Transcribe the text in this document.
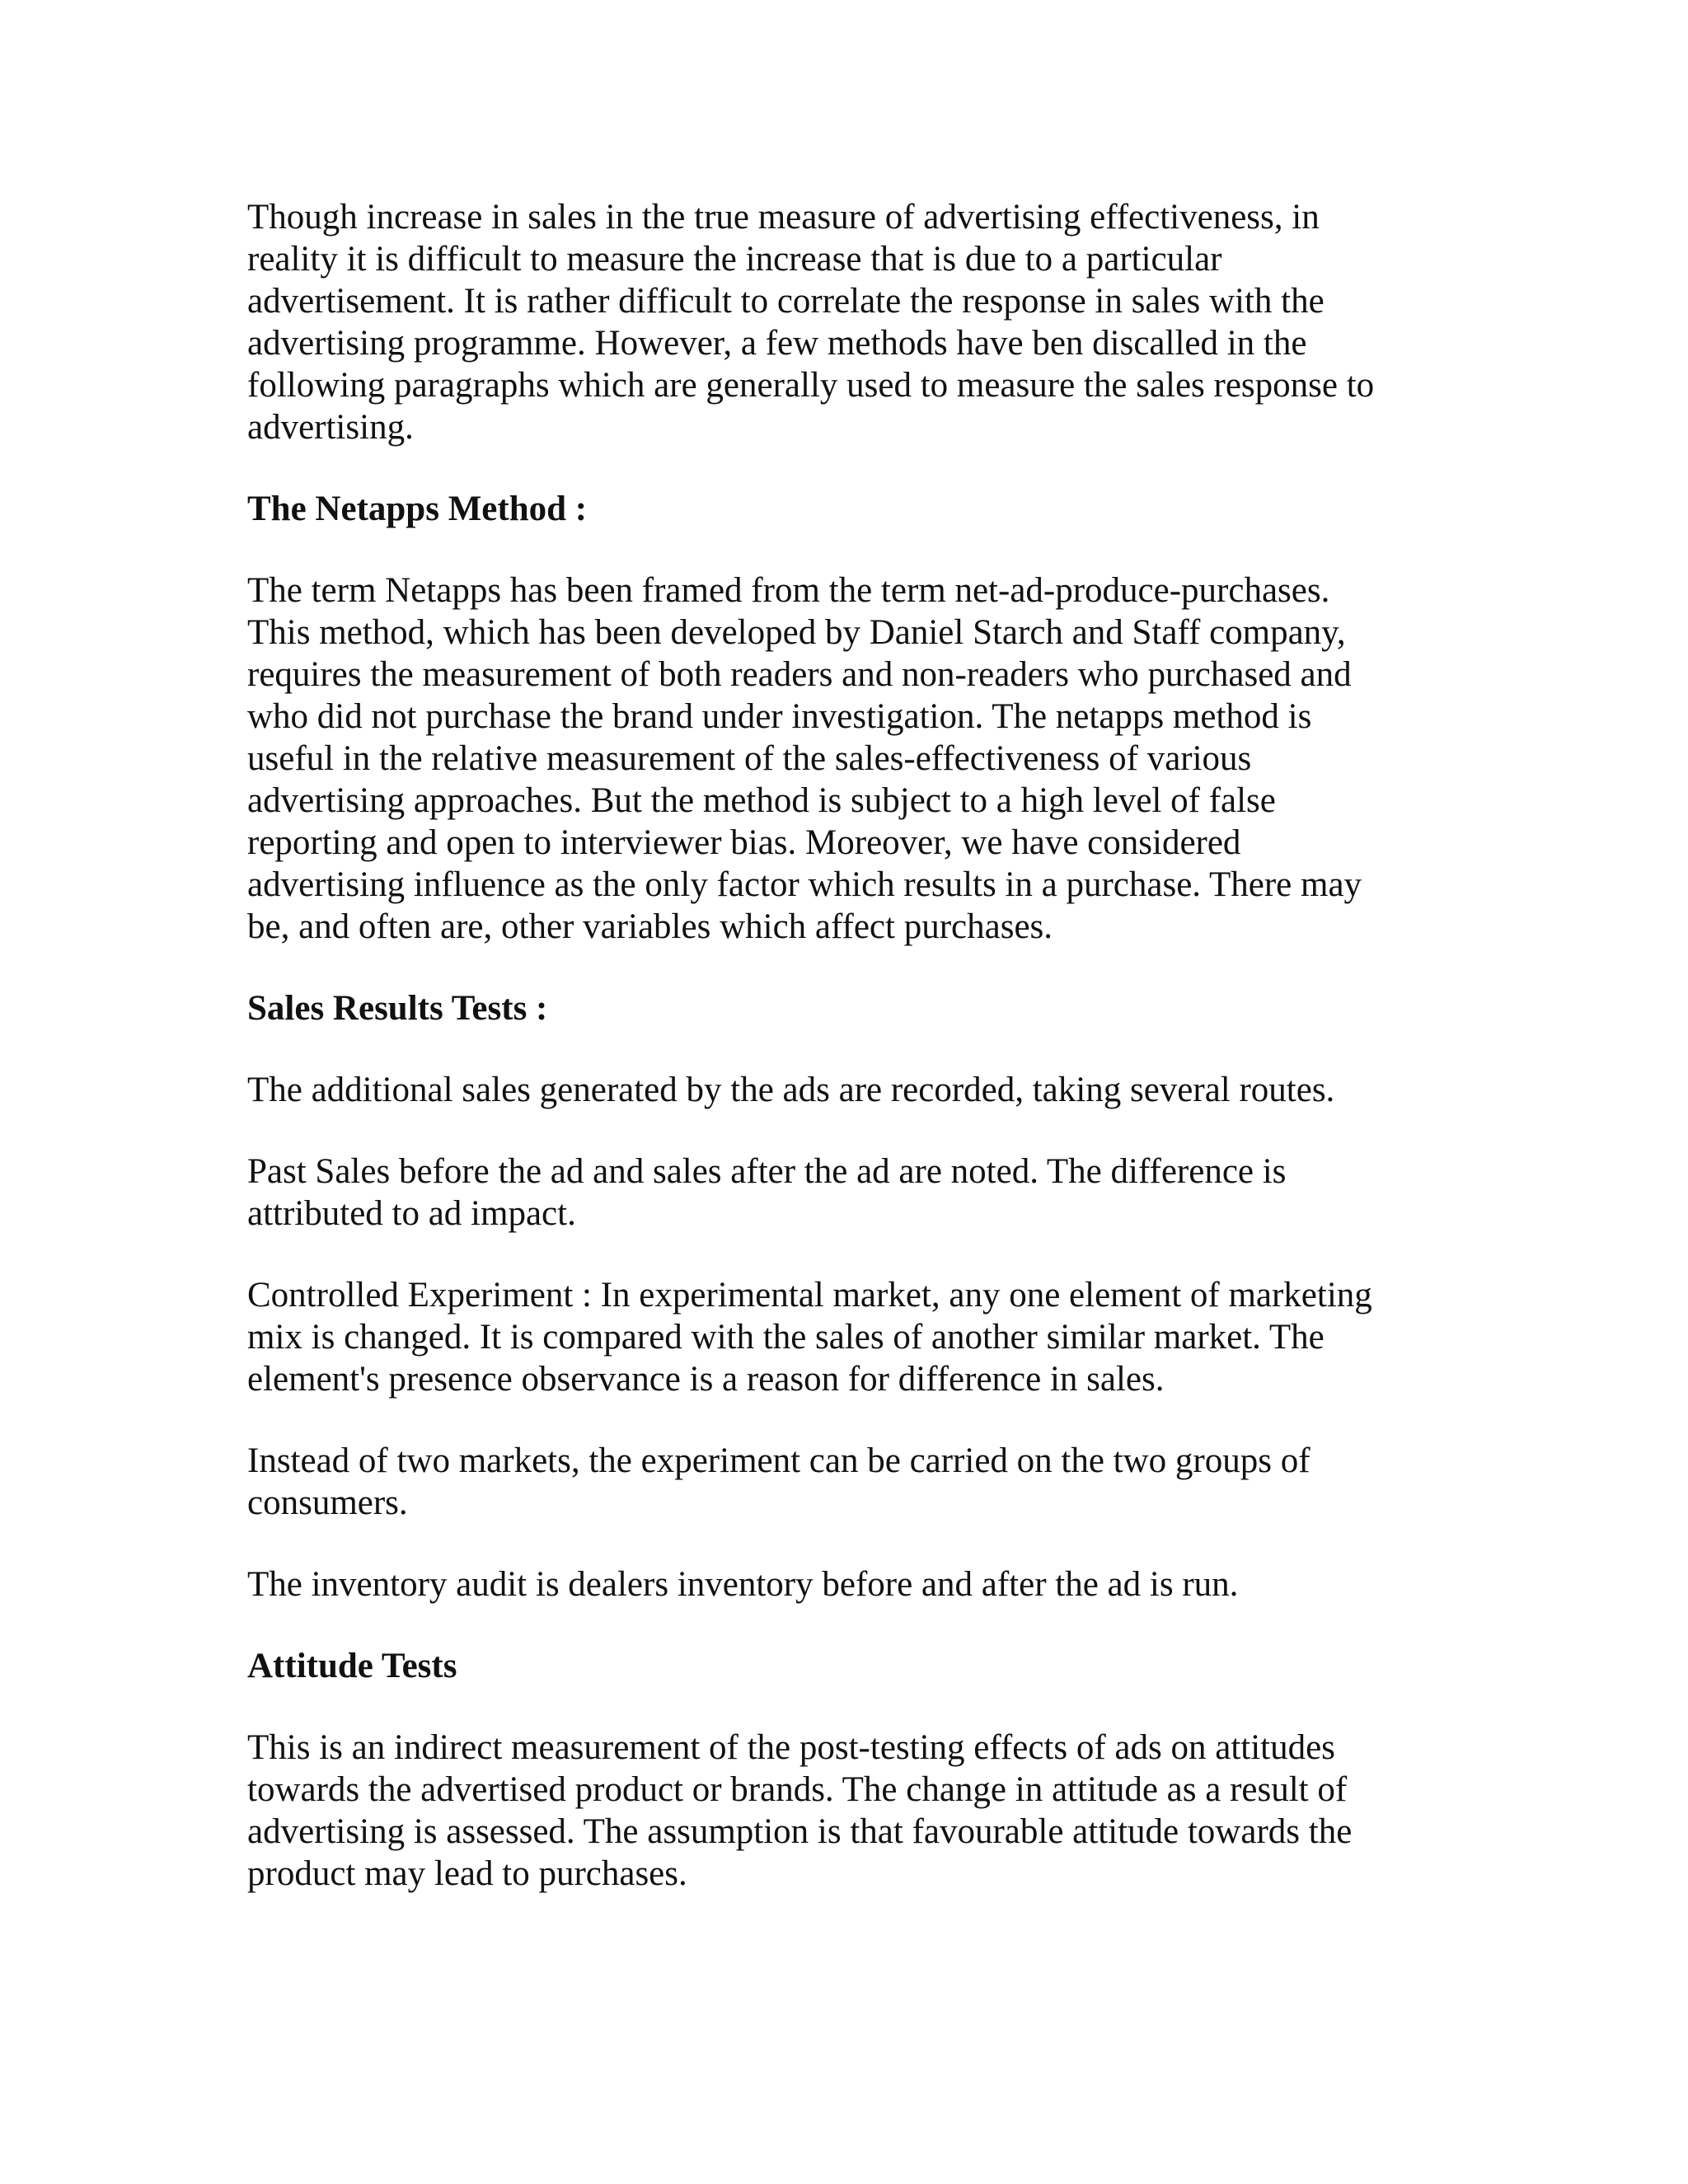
Though increase in sales in the true measure of advertising effectiveness, in
reality it is difficult to measure the increase that is due to a particular
advertisement. It is rather difficult to correlate the response in sales with the
advertising programme. However, a few methods have ben discalled in the
following paragraphs which are generally used to measure the sales response to
advertising.

The Netapps Method :

The term Netapps has been framed from the term net-ad-produce-purchases.
This method, which has been developed by Daniel Starch and Staff company,
requires the measurement of both readers and non-readers who purchased and
who did not purchase the brand under investigation. The netapps method is
useful in the relative measurement of the sales-effectiveness of various
advertising approaches. But the method is subject to a high level of false
reporting and open to interviewer bias. Moreover, we have considered
advertising influence as the only factor which results in a purchase. There may
be, and often are, other variables which affect purchases.

Sales Results Tests :

The additional sales generated by the ads are recorded, taking several routes.

Past Sales before the ad and sales after the ad are noted. The difference is
attributed to ad impact.

Controlled Experiment : In experimental market, any one element of marketing
mix is changed. It is compared with the sales of another similar market. The
element's presence observance is a reason for difference in sales.

Instead of two markets, the experiment can be carried on the two groups of
consumers.

The inventory audit is dealers inventory before and after the ad is run.

Attitude Tests

This is an indirect measurement of the post-testing effects of ads on attitudes
towards the advertised product or brands. The change in attitude as a result of
advertising is assessed. The assumption is that favourable attitude towards the
product may lead to purchases.
